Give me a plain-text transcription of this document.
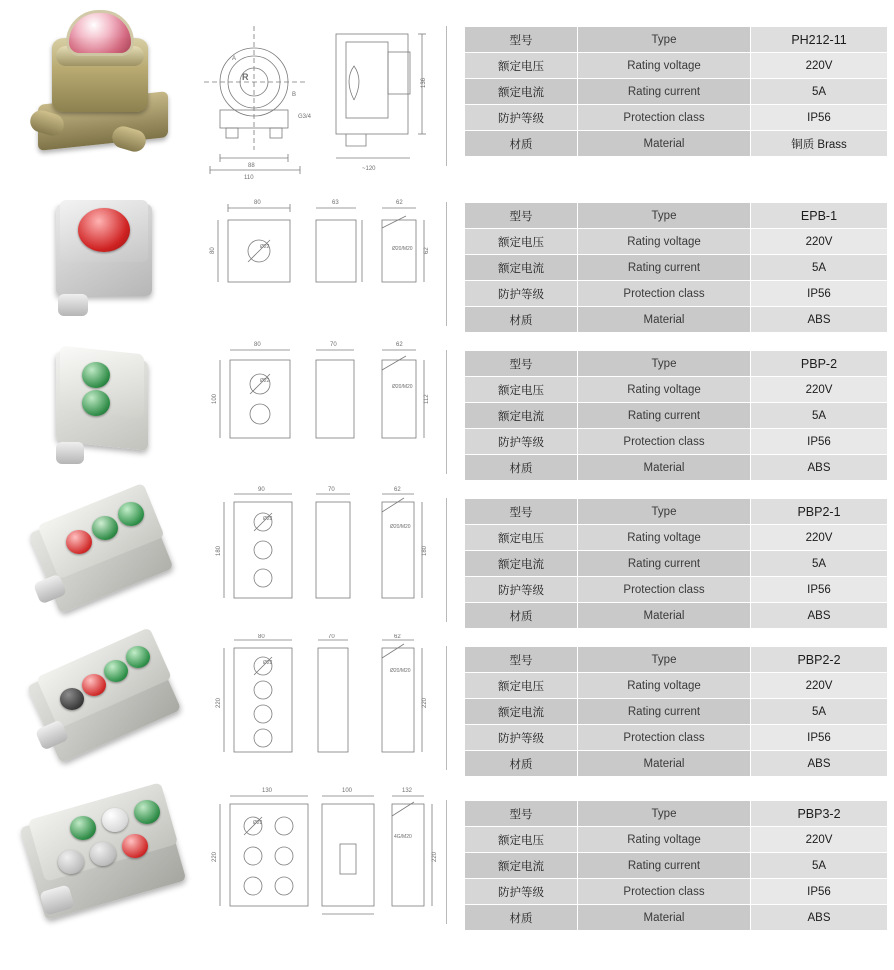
R
88
110
A
B
G3/4
136
~120
型号	Type	PH212-11
额定电压	Rating voltage	220V
额定电流	Rating current	5A
防护等级	Protection class	IP56
材质	Material	铜质 Brass
80	63	62
80	62
Ø22	Ø20/M20
型号	Type	EPB-1
额定电压	Rating voltage	220V
额定电流	Rating current	5A
防护等级	Protection class	IP56
材质	Material	ABS
80	70	62
100	112
Ø22
Ø20/M20
型号	Type	PBP-2
额定电压	Rating voltage	220V
额定电流	Rating current	5A
防护等级	Protection class	IP56
材质	Material	ABS
90	70	62
180	180
Ø22
Ø20/M20
型号	Type	PBP2-1
额定电压	Rating voltage	220V
额定电流	Rating current	5A
防护等级	Protection class	IP56
材质	Material	ABS
80	70	62
220	220
Ø22
Ø20/M20
型号	Type	PBP2-2
额定电压	Rating voltage	220V
额定电流	Rating current	5A
防护等级	Protection class	IP56
材质	Material	ABS
130	100	132
220	220
Ø22
4G/M20
型号	Type	PBP3-2
额定电压	Rating voltage	220V
额定电流	Rating current	5A
防护等级	Protection class	IP56
材质	Material	ABS
